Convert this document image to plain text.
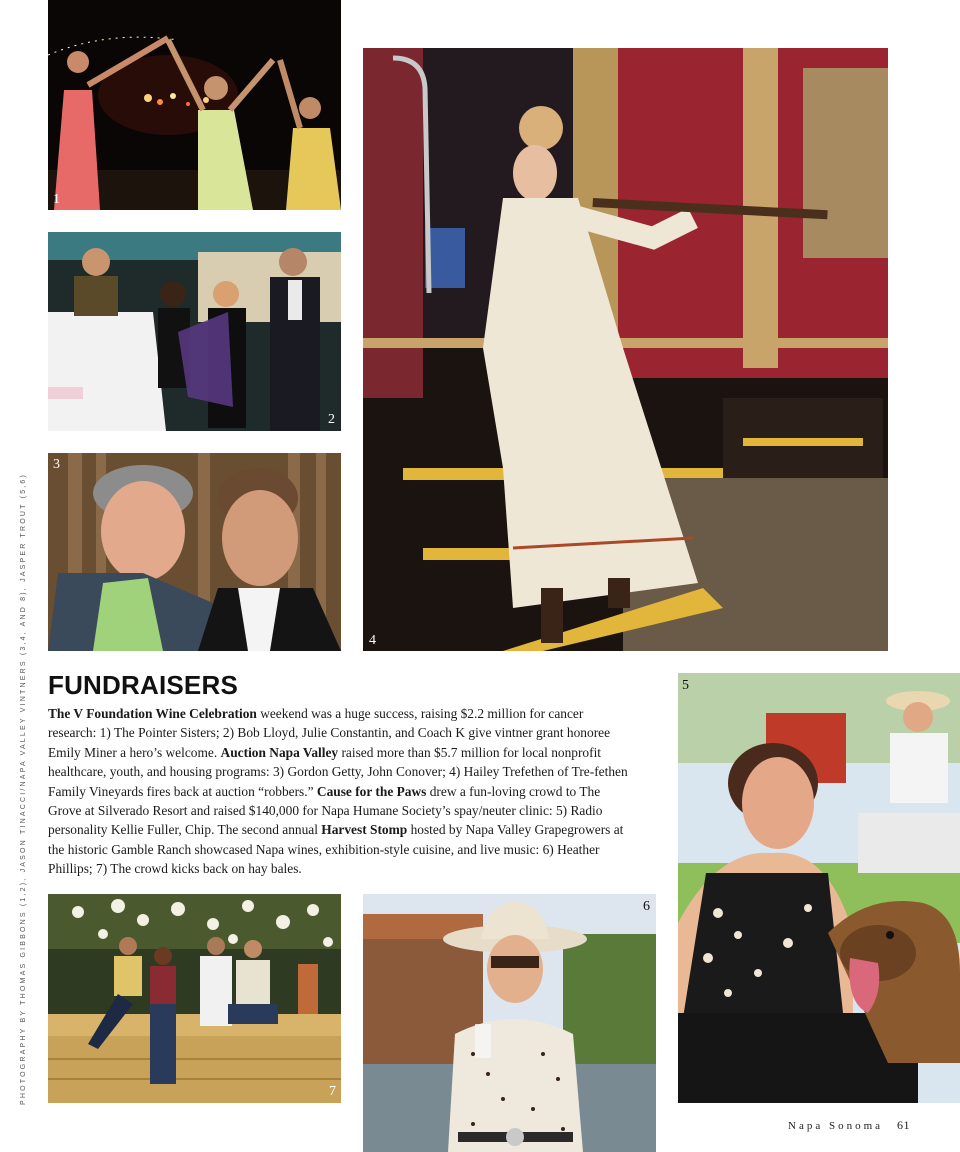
PHOTOGRAPHY BY THOMAS GIBBONS (1,2), JASON TINACCI/NAPA VALLEY VINTNERS (3,4, AND 8), JASPER TROUT (5,6)
1
2
3
4
FUNDRAISERS

The V Foundation Wine Celebration weekend was a huge success, raising $2.2 million for cancer research: 1) The Pointer Sisters; 2) Bob Lloyd, Julie Constantin, and Coach K give vintner grant honoree Emily Miner a hero’s welcome. Auction Napa Valley raised more than $5.7 million for local nonprofit healthcare, youth, and housing programs: 3) Gordon Getty, John Conover; 4) Hailey Trefethen of Tre-fethen Family Vineyards fires back at auction “robbers.” Cause for the Paws drew a fun-loving crowd to The Grove at Silverado Resort and raised $140,000 for Napa Humane Society’s spay/neuter clinic: 5) Radio personality Kellie Fuller, Chip. The second annual Harvest Stomp hosted by Napa Valley Grapegrowers at the historic Gamble Ranch showcased Napa wines, exhibition-style cuisine, and live music: 6) Heather Phillips; 7) The crowd kicks back on hay bales.

5
7
6
Napa Sonoma 61
